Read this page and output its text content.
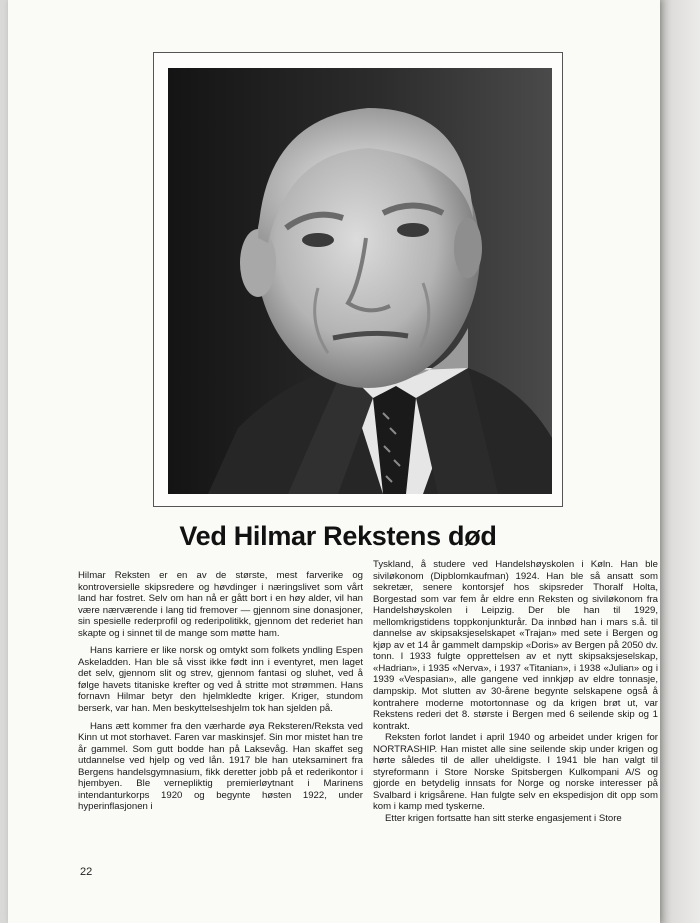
Ved Hilmar Rekstens død

Hilmar Reksten er en av de største, mest farverike og kontroversielle skipsredere og høvdinger i næringslivet som vårt land har fostret. Selv om han nå er gått bort i en høy alder, vil han være nærværende i lang tid fremover — gjennom sine donasjoner, sin spesielle rederprofil og rederipolitikk, gjennom det rederiet han skapte og i sinnet til de mange som møtte ham.

Hans karriere er like norsk og omtykt som folkets yndling Espen Askeladden. Han ble så visst ikke født inn i eventyret, men laget det selv, gjennom slit og strev, gjennom fantasi og sluhet, ved å følge havets titaniske krefter og ved å stritte mot strømmen. Hans fornavn Hilmar betyr den hjelmkledte kriger. Kriger, stundom berserk, var han. Men beskyttelseshjelm tok han sjelden på.

Hans ætt kommer fra den værharde øya Reksteren/Reksta ved Kinn ut mot storhavet. Faren var maskinsjef. Sin mor mistet han tre år gammel. Som gutt bodde han på Laksevåg. Han skaffet seg utdannelse ved hjelp og ved lån. 1917 ble han uteksaminert fra Bergens handelsgymnasium, fikk deretter jobb på et rederikontor i hjembyen. Ble vernepliktig premierløytnant i Marinens intendanturkorps 1920 og begynte høsten 1922, under hyperinflasjonen i

Tyskland, å studere ved Handelshøyskolen i Køln. Han ble siviløkonom (Dipblomkaufman) 1924. Han ble så ansatt som sekretær, senere kontorsjef hos skipsreder Thoralf Holta, Borgestad som var fem år eldre enn Reksten og siviløkonom fra Handelshøyskolen i Leipzig. Der ble han til 1929, mellomkrigstidens toppkonjunkturår. Da innbød han i mars s.å. til dannelse av skipsaksjeselskapet «Trajan» med sete i Bergen og kjøp av et 14 år gammelt dampskip «Doris» av Bergen på 2050 dv. tonn. I 1933 fulgte opprettelsen av et nytt skipsaksjeselskap, «Hadrian», i 1935 «Nerva», i 1937 «Titanian», i 1938 «Julian» og i 1939 «Vespasian», alle gangene ved innkjøp av eldre tonnasje, dampskip. Mot slutten av 30-årene begynte selskapene også å kontrahere moderne motortonnase og da krigen brøt ut, var Rekstens rederi det 8. største i Bergen med 6 seilende skip og 1 kontrakt.

Reksten forlot landet i april 1940 og arbeidet under krigen for NORTRASHIP. Han mistet alle sine seilende skip under krigen og hørte således til de aller uheldigste. I 1941 ble han valgt til styreformann i Store Norske Spitsbergen Kulkompani A/S og gjorde en betydelig innsats for Norge og norske interesser på Svalbard i krigsårene. Han fulgte selv en ekspedisjon dit opp som kom i kamp med tyskerne.

Etter krigen fortsatte han sitt sterke engasjement i Store

22
